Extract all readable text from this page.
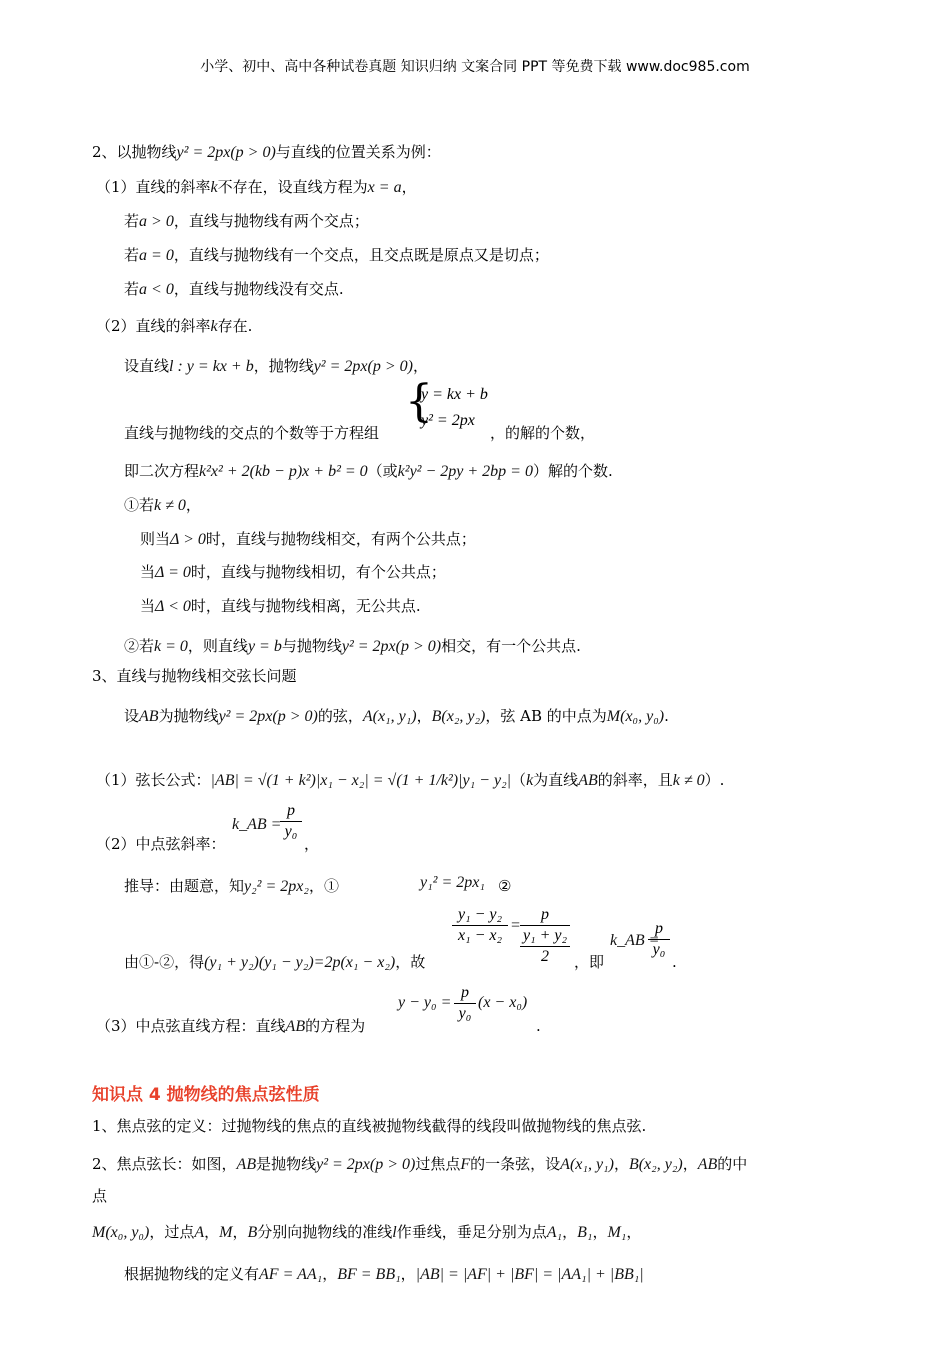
小学、初中、高中各种试卷真题 知识归纳 文案合同 PPT 等免费下载 www.doc985.com
2、以抛物线y² = 2px(p > 0)与直线的位置关系为例：
（1）直线的斜率k不存在，设直线方程为x = a，
若a > 0，直线与抛物线有两个交点；
若a = 0，直线与抛物线有一个交点，且交点既是原点又是切点；
若a < 0，直线与抛物线没有交点.
（2）直线的斜率k存在.
设直线l : y = kx + b，抛物线y² = 2px(p > 0)，
{
y = kx + b
y² = 2px
直线与抛物线的交点的个数等于方程组	，的解的个数，
即二次方程k²x² + 2(kb − p)x + b² = 0（或k²y² − 2py + 2bp = 0）解的个数.
①若k ≠ 0，
则当Δ > 0时，直线与抛物线相交，有两个公共点；
当Δ = 0时，直线与抛物线相切，有个公共点；
当Δ < 0时，直线与抛物线相离，无公共点.
②若k = 0，则直线y = b与抛物线y² = 2px(p > 0)相交，有一个公共点.
3、直线与抛物线相交弦长问题
设AB为抛物线y² = 2px(p > 0)的弦，A(x₁, y₁)，B(x₂, y₂)，弦 AB 的中点为M(x₀, y₀).
（1）弦长公式：|AB| = √(1 + k²)|x₁ − x₂| = √(1 + 1/k²)|y₁ − y₂|（k为直线AB的斜率，且k ≠ 0）.
（2）中点弦斜率：
k_AB =
p
y₀
，
推导：由题意，知y₂² = 2px₂，①	y₁² = 2px₁ ②
由①-②，得(y₁ + y₂)(y₁ − y₂)=2p(x₁ − x₂)，故
y₁ − y₂
x₁ − x₂
=
p
y₁ + y₂
2	，即
k_AB =
p
y₀
.
（3）中点弦直线方程：直线AB的方程为
y − y₀ =
p
y₀
(x − x₀)
.
知识点 4 抛物线的焦点弦性质
1、焦点弦的定义：过抛物线的焦点的直线被抛物线截得的线段叫做抛物线的焦点弦.
2、焦点弦长：如图，AB是抛物线y² = 2px(p > 0)过焦点F的一条弦，设A(x₁, y₁)，B(x₂, y₂)，AB的中
点
M(x₀, y₀)，过点A，M，B分别向抛物线的准线l作垂线，垂足分别为点A₁，B₁，M₁，
根据抛物线的定义有AF = AA₁，BF = BB₁，|AB| = |AF| + |BF| = |AA₁| + |BB₁|
